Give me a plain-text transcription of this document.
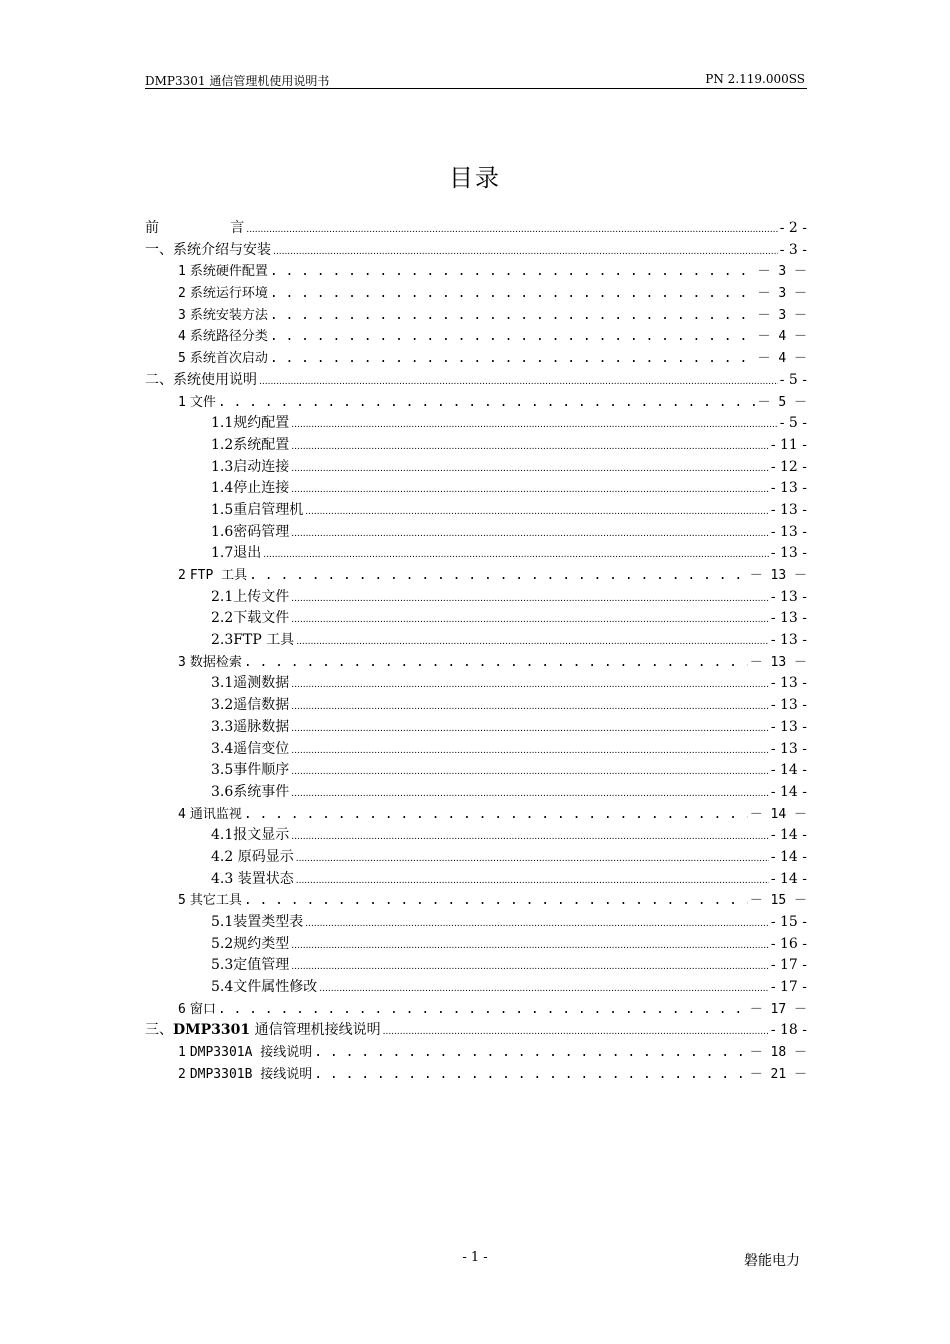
DMP3301 通信管理机使用说明书	PN 2.119.000SS
目录
前                言 .....	- 2 -
一、 系统介绍与安装 .....	- 3 -
1 系统硬件配置 . . .	－ 3 －
2 系统运行环境 . . .	－ 3 －
3 系统安装方法 . . .	－ 3 －
4 系统路径分类 . . .	－ 4 －
5 系统首次启动 . . .	－ 4 －
二、 系统使用说明 .....	- 5 -
1 文件 . . .	－ 5 －
1.1 规约配置 .....	- 5 -
1.2 系统配置 .....	- 11 -
1.3 启动连接 .....	- 12 -
1.4 停止连接 .....	- 13 -
1.5 重启管理机 .....	- 13 -
1.6 密码管理 .....	- 13 -
1.7 退出 .....	- 13 -
2 FTP 工具 . . .	－ 13 －
2.1 上传文件 .....	- 13 -
2.2 下载文件 .....	- 13 -
2.3 FTP 工具 .....	- 13 -
3 数据检索 . . .	－ 13 －
3.1 遥测数据 .....	- 13 -
3.2 遥信数据 .....	- 13 -
3.3 遥脉数据 .....	- 13 -
3.4 遥信变位 .....	- 13 -
3.5 事件顺序 .....	- 14 -
3.6 系统事件 .....	- 14 -
4 通讯监视 . . .	－ 14 －
4.1 报文显示 .....	- 14 -
4.2 原码显示 .....	- 14 -
4.3 装置状态 .....	- 14 -
5 其它工具 . . .	－ 15 －
5.1 装置类型表 .....	- 15 -
5.2 规约类型 .....	- 16 -
5.3 定值管理 .....	- 17 -
5.4 文件属性修改 .....	- 17 -
6 窗口 . . .	－ 17 －
三、 DMP3301 通信管理机接线说明 .....	- 18 -
1 DMP3301A 接线说明 . . .	－ 18 －
2 DMP3301B 接线说明 . . .	－ 21 －
- 1 -	磐能电力
